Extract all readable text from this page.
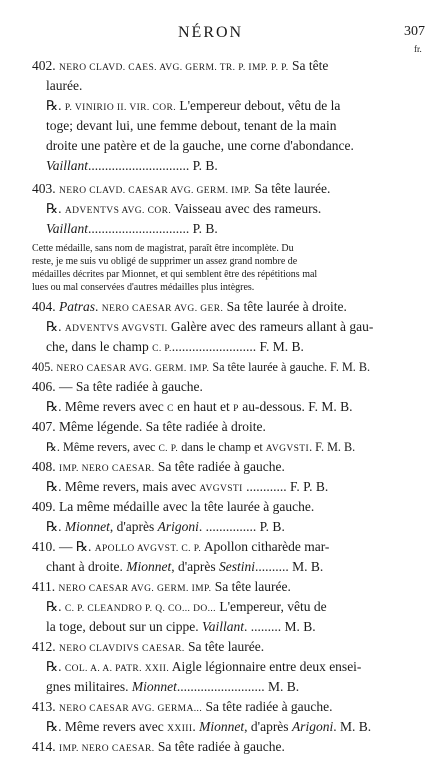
NÉRON	307
fr.
402. NERO CLAVD. CAES. AVG. GERM. TR. P. IMP. P. P. Sa tête
laurée.
℞. P. VINIRIO II. VIR. COR. L'empereur debout, vêtu de la
toge; devant lui, une femme debout, tenant de la main
droite une patère et de la gauche, une corne d'abondance.
Vaillant.............................. P. B.
403. NERO CLAVD. CAESAR AVG. GERM. IMP. Sa tête laurée.
℞. ADVENTVS AVG. COR. Vaisseau avec des rameurs.
Vaillant.............................. P. B.
Cette médaille, sans nom de magistrat, paraît être incomplète. Du
reste, je me suis vu obligé de supprimer un assez grand nombre de
médailles décrites par Mionnet, et qui semblent être des répétitions mal
lues ou mal conservées d'autres médailles plus intègres.
404. Patras. NERO CAESAR AVG. GER. Sa tête laurée à droite.
℞. ADVENTVS AVGVSTI. Galère avec des rameurs allant à gau-
che, dans le champ C. P.......................... F. M. B.
405. NERO CAESAR AVG. GERM. IMP. Sa tête laurée à gauche. F. M. B.
406. — Sa tête radiée à gauche.
℞. Même revers avec C en haut et P au-dessous. F. M. B.
407. Même légende. Sa tête radiée à droite.
℞. Même revers, avec C. P. dans le champ et AVGVSTI. F. M. B.
408. IMP. NERO CAESAR. Sa tête radiée à gauche.
℞. Même revers, mais avec AVGVSTI ............ F. P. B.
409. La même médaille avec la tête laurée à gauche.
℞. Mionnet, d'après Arigoni. ............... P. B.
410. — ℞. APOLLO AVGVST. C. P. Apollon citharède mar-
chant à droite. Mionnet, d'après Sestini.......... M. B.
411. NERO CAESAR AVG. GERM. IMP. Sa tête laurée.
℞. C. P. CLEANDRO P. Q. CO... DO... L'empereur, vêtu de
la toge, debout sur un cippe. Vaillant. ......... M. B.
412. NERO CLAVDIVS CAESAR. Sa tête laurée.
℞. COL. A. A. PATR. XXII. Aigle légionnaire entre deux ensei-
gnes militaires. Mionnet.......................... M. B.
413. NERO CAESAR AVG. GERMA... Sa tête radiée à gauche.
℞. Même revers avec XXIII. Mionnet, d'après Arigoni. M. B.
414. IMP. NERO CAESAR. Sa tête radiée à gauche.
